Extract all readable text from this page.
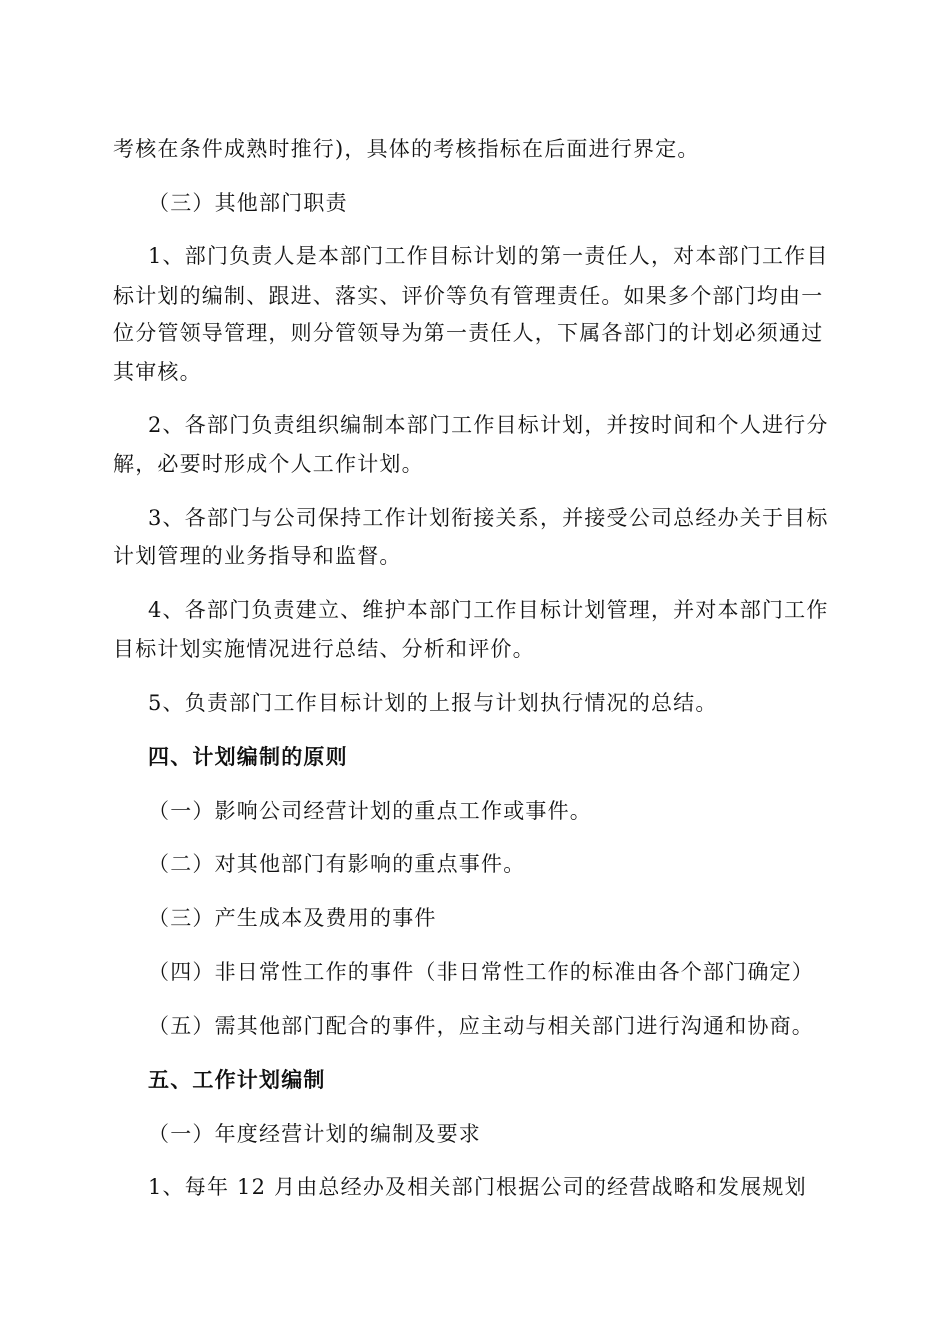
考核在条件成熟时推行)，具体的考核指标在后面进行界定。
（三）其他部门职责
1、部门负责人是本部门工作目标计划的第一责任人，对本部门工作目
标计划的编制、跟进、落实、评价等负有管理责任。如果多个部门均由一
位分管领导管理，则分管领导为第一责任人，下属各部门的计划必须通过
其审核。
2、各部门负责组织编制本部门工作目标计划，并按时间和个人进行分
解，必要时形成个人工作计划。
3、各部门与公司保持工作计划衔接关系，并接受公司总经办关于目标
计划管理的业务指导和监督。
4、各部门负责建立、维护本部门工作目标计划管理，并对本部门工作
目标计划实施情况进行总结、分析和评价。
5、负责部门工作目标计划的上报与计划执行情况的总结。
四、计划编制的原则
（一）影响公司经营计划的重点工作或事件。
（二）对其他部门有影响的重点事件。
（三）产生成本及费用的事件
（四）非日常性工作的事件（非日常性工作的标准由各个部门确定）
（五）需其他部门配合的事件，应主动与相关部门进行沟通和协商。
五、工作计划编制
（一）年度经营计划的编制及要求
1、每年 12 月由总经办及相关部门根据公司的经营战略和发展规划
